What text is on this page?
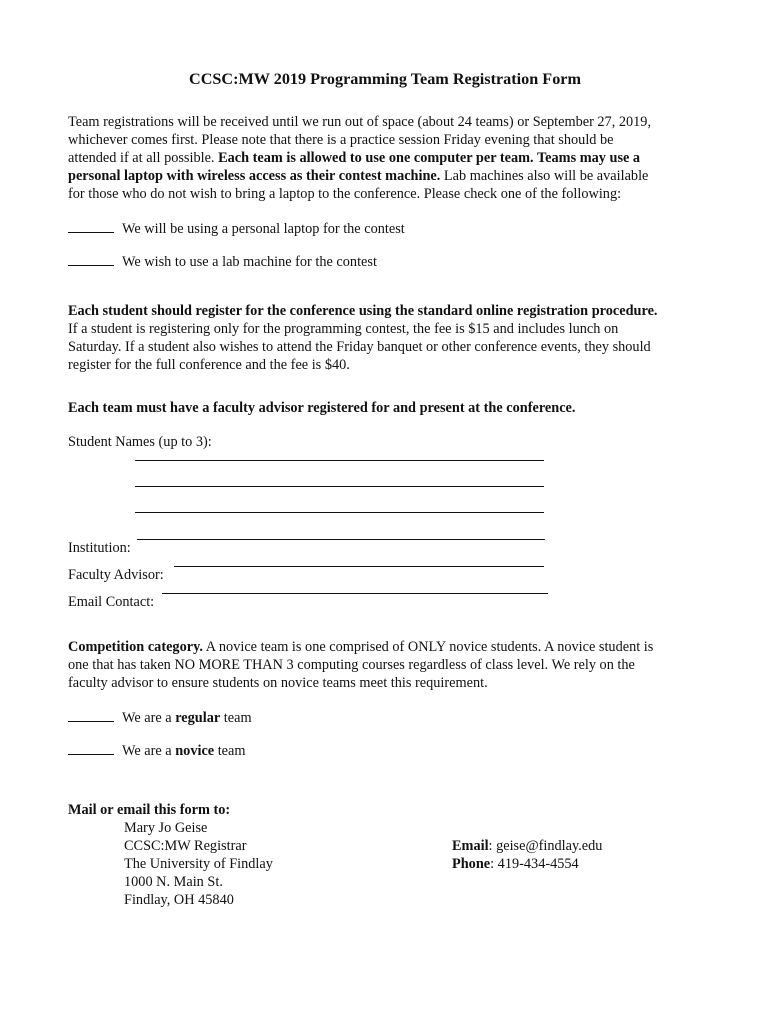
CCSC:MW 2019 Programming Team Registration Form
Team registrations will be received until we run out of space (about 24 teams) or September 27, 2019,
whichever comes first. Please note that there is a practice session Friday evening that should be
attended if at all possible. Each team is allowed to use one computer per team. Teams may use a
personal laptop with wireless access as their contest machine. Lab machines also will be available
for those who do not wish to bring a laptop to the conference. Please check one of the following:
We will be using a personal laptop for the contest
We wish to use a lab machine for the contest
Each student should register for the conference using the standard online registration procedure.
If a student is registering only for the programming contest, the fee is $15 and includes lunch on
Saturday. If a student also wishes to attend the Friday banquet or other conference events, they should
register for the full conference and the fee is $40.
Each team must have a faculty advisor registered for and present at the conference.
Student Names (up to 3):
Institution:
Faculty Advisor:
Email Contact:
Competition category. A novice team is one comprised of ONLY novice students. A novice student is
one that has taken NO MORE THAN 3 computing courses regardless of class level. We rely on the
faculty advisor to ensure students on novice teams meet this requirement.
We are a regular team
We are a novice team
Mail or email this form to:
Mary Jo Geise
CCSC:MW Registrar
The University of Findlay
1000 N. Main St.
Findlay, OH 45840
Email: geise@findlay.edu
Phone: 419-434-4554
